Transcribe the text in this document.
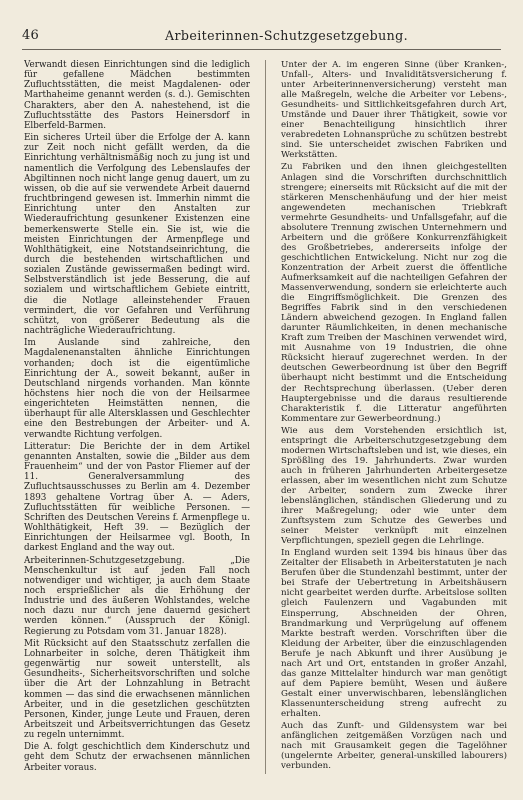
46	Arbeiterinnen-Schutzgesetzgebung.

Verwandt diesen Einrichtungen sind die lediglich für gefallene Mädchen bestimmten Zufluchtsstätten, die meist Magdalenen- oder Marthaheime genannt werden (s. d.). Gemischten Charakters, aber den A. nahestehend, ist die Zufluchtsstätte des Pastors Heinersdorf in Elberfeld-Barmen.

Ein sicheres Urteil über die Erfolge der A. kann zur Zeit noch nicht gefällt werden, da die Einrichtung verhältnismäßig noch zu jung ist und namentlich die Verfolgung des Lebenslaufes der Abgiltinnen noch nicht lange genug dauert, um zu wissen, ob die auf sie verwendete Arbeit dauernd fruchtbringend gewesen ist. Immerhin nimmt die Einrichtung unter den Anstalten zur Wiederaufrichtung gesunkener Existenzen eine bemerkenswerte Stelle ein. Sie ist, wie die meisten Einrichtungen der Armenpflege und Wohlthätigkeit, eine Notstandseinrichtung, die durch die bestehenden wirtschaftlichen und sozialen Zustände gewissermaßen bedingt wird. Selbstverständlich ist jede Besserung, die auf sozialem und wirtschaftlichem Gebiete eintritt, die die Notlage alleinstehender Frauen vermindert, die vor Gefahren und Verführung schützt, von größerer Bedeutung als die nachträgliche Wiederaufrichtung.

Im Auslande sind zahlreiche, den Magdalenenanstalten ähnliche Einrichtungen vorhanden; doch ist die eigentümliche Einrichtung der A., soweit bekannt, außer in Deutschland nirgends vorhanden. Man könnte höchstens hier noch die von der Heilsarmee eingerichteten Heimstätten nennen, die überhaupt für alle Altersklassen und Geschlechter eine den Bestrebungen der Arbeiter- und A. verwandte Richtung verfolgen.

Litteratur: Die Berichte der in dem Artikel genannten Anstalten, sowie die „Bilder aus dem Frauenheim“ und der von Pastor Fliemer auf der 11. Generalversammlung des Zufluchtsausschusses zu Berlin am 4. Dezember 1893 gehaltene Vortrag über A. — Aders, Zufluchtsstätten für weibliche Personen. — Schriften des Deutschen Vereins f. Armenpflege u. Wohlthätigkeit, Heft 39. — Bezüglich der Einrichtungen der Heilsarmee vgl. Booth, In darkest England and the way out.

Arbeiterinnen-Schutzgesetzgebung. „Die Menschenkultur ist auf jeden Fall noch notwendiger und wichtiger, ja auch dem Staate noch ersprießlicher als die Erhöhung der Industrie und des äußeren Wohlstandes, welche noch dazu nur durch jene dauernd gesichert werden können.“ (Ausspruch der Königl. Regierung zu Potsdam vom 31. Januar 1828).

Mit Rücksicht auf den Staatsschutz zerfallen die Lohnarbeiter in solche, deren Thätigkeit ihm gegenwärtig nur soweit unterstellt, als Gesundheits-, Sicherheitsvorschriften und solche über die Art der Lohnzahlung in Betracht kommen — das sind die erwachsenen männlichen Arbeiter, und in die gesetzlichen geschützten Personen, Kinder, junge Leute und Frauen, deren Arbeitszeit und Arbeitsverrichtungen das Gesetz zu regeln unternimmt.

Die A. folgt geschichtlich dem Kinderschutz und geht dem Schutz der erwachsenen männlichen Arbeiter voraus.

Unter der A. im engeren Sinne (über Kranken-, Unfall-, Alters- und Invaliditätsversicherung f. unter Arbeiterinnenversicherung) versteht man alle Maßregeln, welche die Arbeiter vor Lebens-, Gesundheits- und Sittlichkeitsgefahren durch Art, Umstände und Dauer ihrer Thätigkeit, sowie vor einer Benachteiligung hinsichtlich ihrer verabredeten Lohnansprüche zu schützen bestrebt sind. Sie unterscheidet zwischen Fabriken und Werkstätten.

Zu Fabriken und den ihnen gleichgestellten Anlagen sind die Vorschriften durchschnittlich strengere; einerseits mit Rücksicht auf die mit der stärkeren Menschenhäufung und der hier meist angewendeten mechanischen Triebkraft vermehrte Gesundheits- und Unfallsgefahr, auf die absolutere Trennung zwischen Unternehmern und Arbeitern und die größere Konkurrenzfähigkeit des Großbetriebes, andererseits infolge der geschichtlichen Entwickelung. Nicht nur zog die Konzentration der Arbeit zuerst die öffentliche Aufmerksamkeit auf die nachteiligen Gefahren der Massenverwendung, sondern sie erleichterte auch die Eingriffsmöglichkeit. Die Grenzen des Begriffes Fabrik sind in den verschiedenen Ländern abweichend gezogen. In England fallen darunter Räumlichkeiten, in denen mechanische Kraft zum Treiben der Maschinen verwendet wird, mit Ausnahme von 19 Industrien, die ohne Rücksicht hierauf zugerechnet werden. In der deutschen Gewerbeordnung ist über den Begriff überhaupt nicht bestimmt und die Entscheidung der Rechtsprechung überlassen. (Ueber deren Hauptergebnisse und die daraus resultierende Charakteristik f. die Litteratur angeführten Kommentare zur Gewerbeordnung.)

Wie aus dem Vorstehenden ersichtlich ist, entspringt die Arbeiterschutzgesetzgebung dem modernen Wirtschaftsleben und ist, wie dieses, ein Sprößling des 19. Jahrhunderts. Zwar wurden auch in früheren Jahrhunderten Arbeitergesetze erlassen, aber im wesentlichen nicht zum Schutze der Arbeiter, sondern zum Zwecke ihrer lebenslänglichen, ständischen Gliederung und zu ihrer Maßregelung; oder wie unter dem Zunftsystem zum Schutze des Gewerbes und seiner Meister verknüpft mit einzelnen Verpflichtungen, speziell gegen die Lehrlinge.

In England wurden seit 1394 bis hinaus über das Zeitalter der Elisabeth in Arbeiterstatuten je nach Berufen über die Stundenzahl bestimmt, unter der bei Strafe der Uebertretung in Arbeitshäusern nicht gearbeitet werden durfte. Arbeitslose sollten gleich Faulenzern und Vagabunden mit Einsperrung, Abschneiden der Ohren, Brandmarkung und Verprügelung auf offenem Markte bestraft werden. Vorschriften über die Kleidung der Arbeiter, über die einzuschlagenden Berufe je nach Abkunft und ihrer Ausübung je nach Art und Ort, entstanden in großer Anzahl, das ganze Mittelalter hindurch war man genötigt auf dem Papiere bemüht, Wesen und äußere Gestalt einer unverwischbaren, lebenslänglichen Klassenunterscheidung streng aufrecht zu erhalten.

Auch das Zunft- und Gildensystem war bei anfänglichen zeitgemäßen Vorzügen nach und nach mit Grausamkeit gegen die Tagelöhner (ungelernte Arbeiter, general-unskilled labourers) verbunden.
